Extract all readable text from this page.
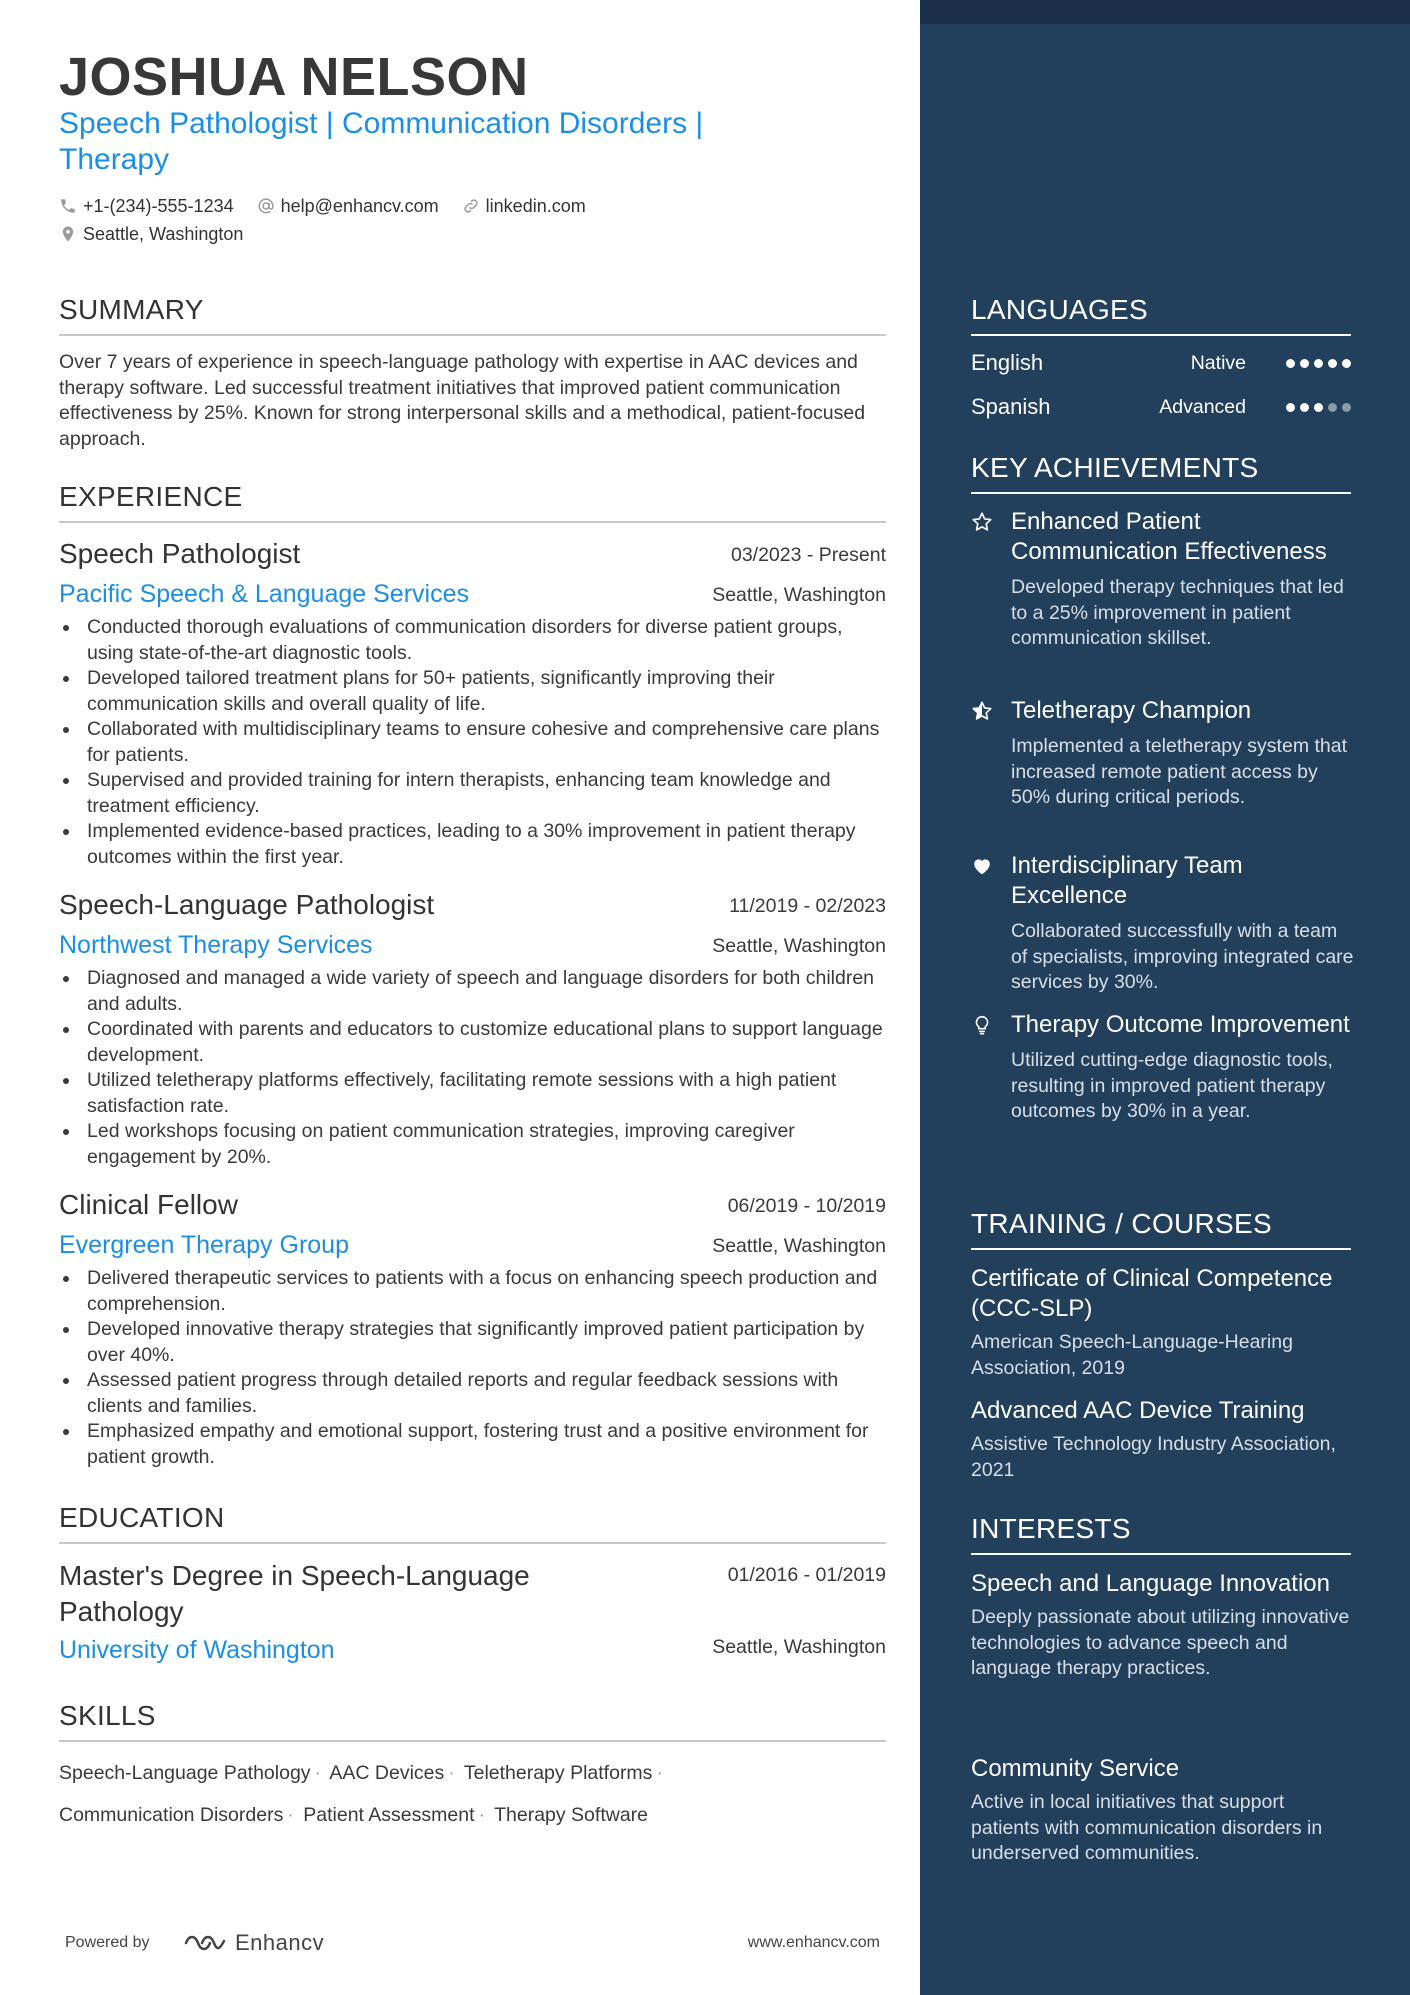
JOSHUA NELSON
Speech Pathologist | Communication Disorders | Therapy
+1-(234)-555-1234
	help@enhancv.com
	linkedin.com
Seattle, Washington
SUMMARY
Over 7 years of experience in speech-language pathology with expertise in AAC devices and therapy software. Led successful treatment initiatives that improved patient communication effectiveness by 25%. Known for strong interpersonal skills and a methodical, patient-focused approach.
EXPERIENCE
Speech Pathologist	03/2023 - Present
Pacific Speech & Language Services	Seattle, Washington
Conducted thorough evaluations of communication disorders for diverse patient groups, using state-of-the-art diagnostic tools.
Developed tailored treatment plans for 50+ patients, significantly improving their communication skills and overall quality of life.
Collaborated with multidisciplinary teams to ensure cohesive and comprehensive care plans for patients.
Supervised and provided training for intern therapists, enhancing team knowledge and treatment efficiency.
Implemented evidence-based practices, leading to a 30% improvement in patient therapy outcomes within the first year.
Speech-Language Pathologist	11/2019 - 02/2023
Northwest Therapy Services	Seattle, Washington
Diagnosed and managed a wide variety of speech and language disorders for both children and adults.
Coordinated with parents and educators to customize educational plans to support language development.
Utilized teletherapy platforms effectively, facilitating remote sessions with a high patient satisfaction rate.
Led workshops focusing on patient communication strategies, improving caregiver engagement by 20%.
Clinical Fellow	06/2019 - 10/2019
Evergreen Therapy Group	Seattle, Washington
Delivered therapeutic services to patients with a focus on enhancing speech production and comprehension.
Developed innovative therapy strategies that significantly improved patient participation by over 40%.
Assessed patient progress through detailed reports and regular feedback sessions with clients and families.
Emphasized empathy and emotional support, fostering trust and a positive environment for patient growth.
EDUCATION
Master's Degree in Speech-Language Pathology
01/2016 - 01/2019
University of Washington	Seattle, Washington
SKILLS
Speech-Language Pathology · AAC Devices · Teletherapy Platforms ·
Communication Disorders · Patient Assessment · Therapy Software
Powered by	Enhancv	www.enhancv.com
LANGUAGES
English	Native
Spanish	Advanced
KEY ACHIEVEMENTS
Enhanced Patient Communication Effectiveness
Developed therapy techniques that led to a 25% improvement in patient communication skillset.
Teletherapy Champion
Implemented a teletherapy system that increased remote patient access by 50% during critical periods.
Interdisciplinary Team Excellence
Collaborated successfully with a team of specialists, improving integrated care services by 30%.
Therapy Outcome Improvement
Utilized cutting-edge diagnostic tools, resulting in improved patient therapy outcomes by 30% in a year.
TRAINING / COURSES
Certificate of Clinical Competence (CCC-SLP)
American Speech-Language-Hearing Association, 2019
Advanced AAC Device Training
Assistive Technology Industry Association, 2021
INTERESTS
Speech and Language Innovation
Deeply passionate about utilizing innovative technologies to advance speech and language therapy practices.
Community Service
Active in local initiatives that support patients with communication disorders in underserved communities.
